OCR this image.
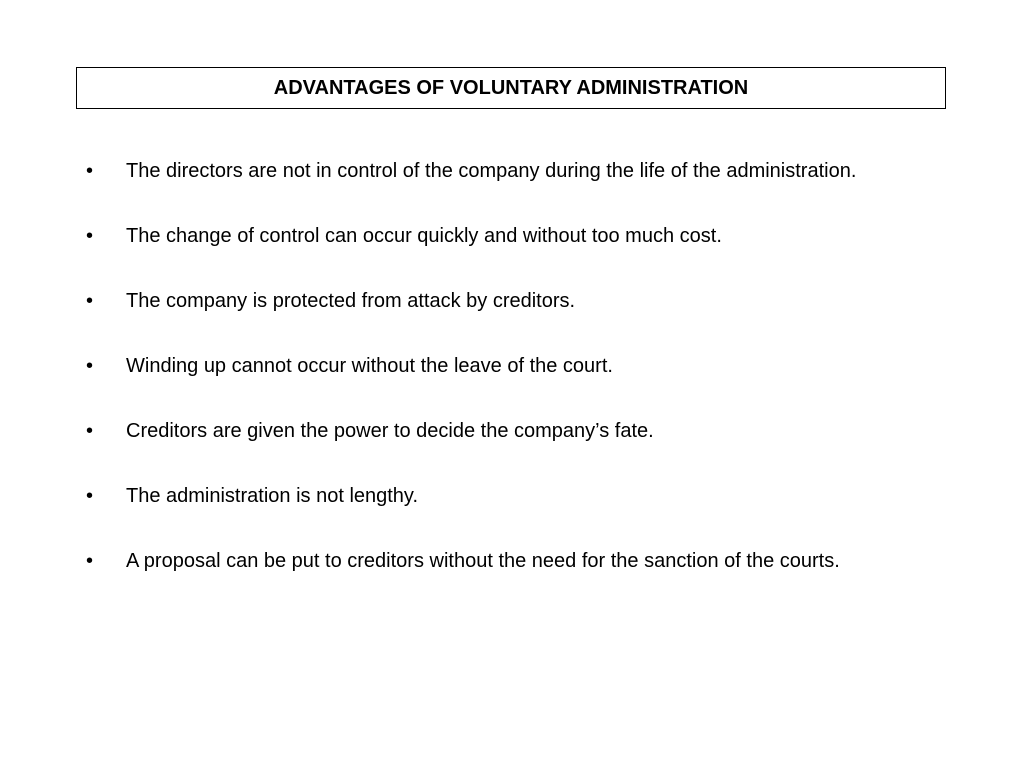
ADVANTAGES OF VOLUNTARY ADMINISTRATION
•	The directors are not in control of the company during the life of the administration.
•	The change of control can occur quickly and without too much cost.
•	The company is protected from attack by creditors.
•	Winding up cannot occur without the leave of the court.
•	Creditors are given the power to decide the company’s fate.
•	The administration is not lengthy.
•	A proposal can be put to creditors without the need for the sanction of the courts.
